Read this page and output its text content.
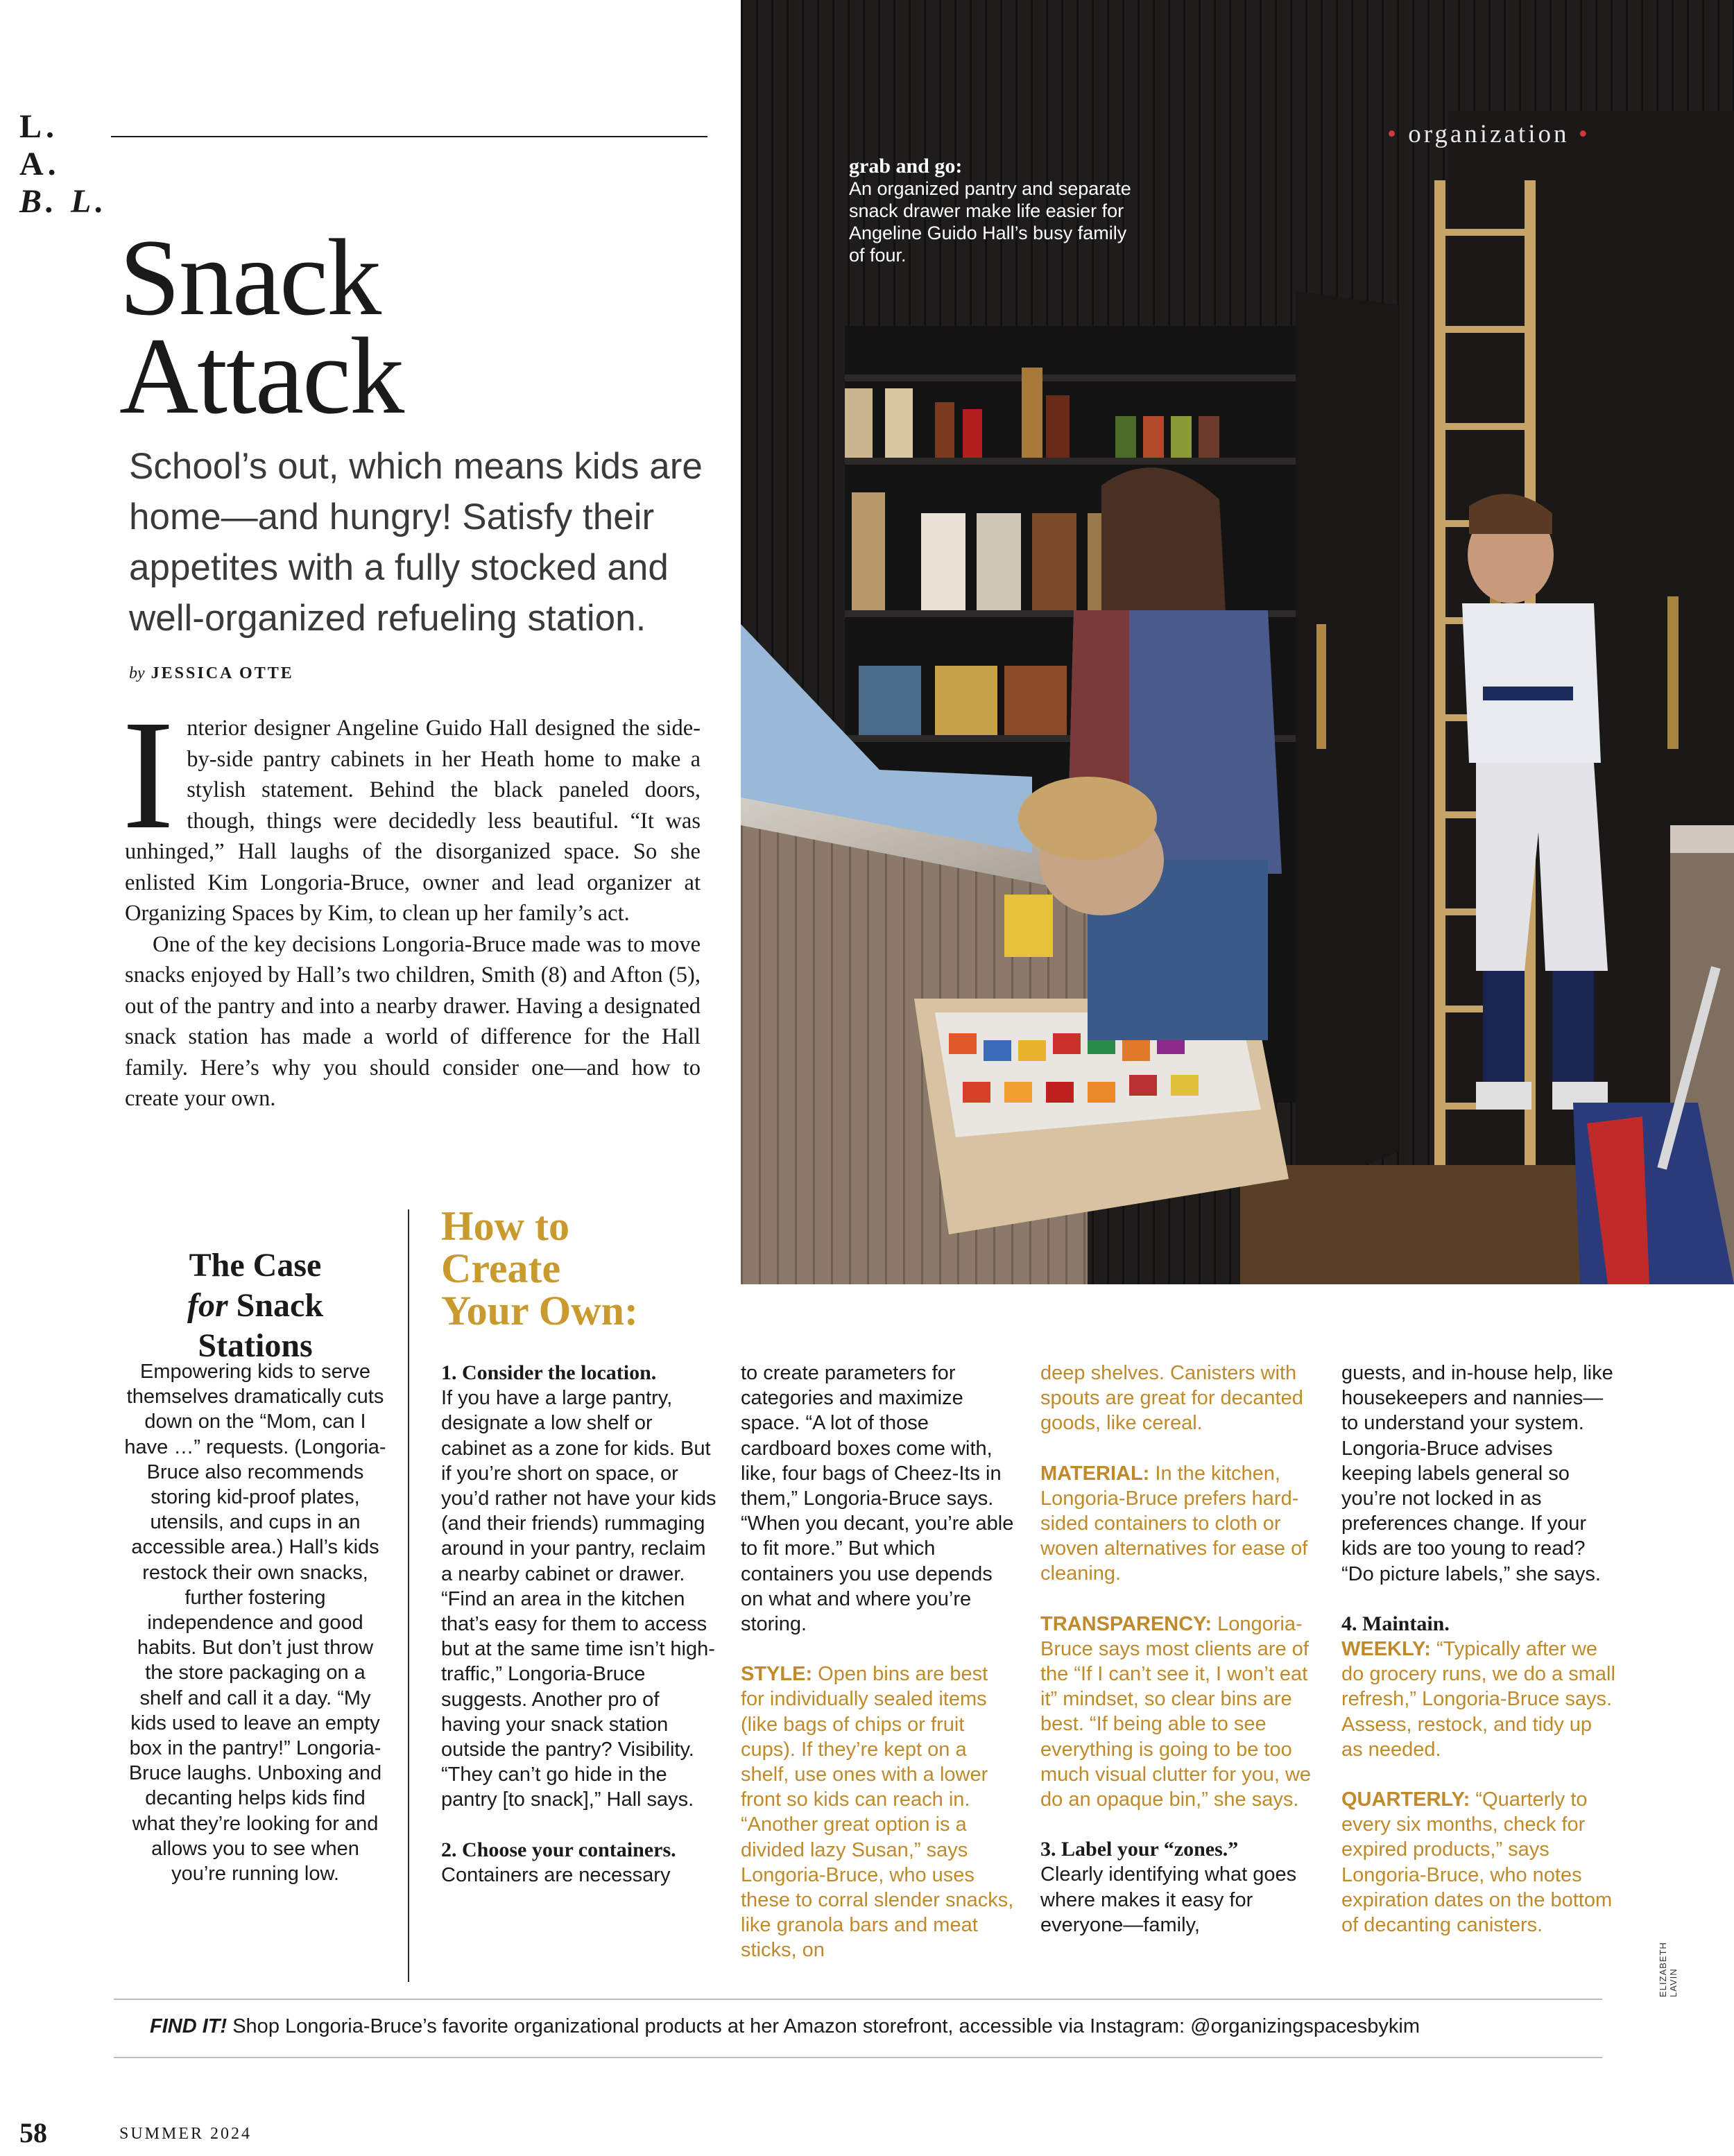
L. A.
B. L.
Snack
Attack
School’s out, which means kids are home—and hungry! Satisfy their appetites with a fully stocked and well-organized refueling station.
by JESSICA OTTE

Interior designer Angeline Guido Hall designed the side-by-side pantry cabinets in her Heath home to make a stylish statement. Behind the black paneled doors, though, things were decidedly less beautiful. “It was unhinged,” Hall laughs of the disorganized space. So she enlisted Kim Longoria-Bruce, owner and lead organizer at Organizing Spaces by Kim, to clean up her family’s act.

One of the key decisions Longoria-Bruce made was to move snacks enjoyed by Hall’s two children, Smith (8) and Afton (5), out of the pantry and into a nearby drawer. Having a designated snack station has made a world of difference for the Hall family. Here’s why you should consider one—and how to create your own.

grab and go:
An organized pantry and separate snack drawer make life easier for Angeline Guido Hall’s busy family of four.
• organization •
The Case
for Snack
Stations
Empowering kids to serve themselves dramatically cuts down on the “Mom, can I have …” requests. (Longoria-Bruce also recommends storing kid-proof plates, utensils, and cups in an accessible area.) Hall’s kids restock their own snacks, further fostering independence and good habits. But don’t just throw the store packaging on a shelf and call it a day. “My kids used to leave an empty box in the pantry!” Longoria-Bruce laughs. Unboxing and decanting helps kids find what they’re looking for and allows you to see when you’re running low.
How to
Create
Your Own:
1. Consider the location.

If you have a large pantry, designate a low shelf or cabinet as a zone for kids. But if you’re short on space, or you’d rather not have your kids (and their friends) rummaging around in your pantry, reclaim a nearby cabinet or drawer. “Find an area in the kitchen that’s easy for them to access but at the same time isn’t high-traffic,” Longoria-Bruce suggests. Another pro of having your snack station outside the pantry? Visibility. “They can’t go hide in the pantry [to snack],” Hall says.

2. Choose your containers.

Containers are necessary

to create parameters for categories and maximize space. “A lot of those cardboard boxes come with, like, four bags of Cheez-Its in them,” Longoria-Bruce says. “When you decant, you’re able to fit more.” But which containers you use depends on what and where you’re storing.

STYLE: Open bins are best for individually sealed items (like bags of chips or fruit cups). If they’re kept on a shelf, use ones with a lower front so kids can reach in. “Another great option is a divided lazy Susan,” says Longoria-Bruce, who uses these to corral slender snacks, like granola bars and meat sticks, on

deep shelves. Canisters with spouts are great for decanted goods, like cereal.

MATERIAL: In the kitchen, Longoria-Bruce prefers hard-sided containers to cloth or woven alternatives for ease of cleaning.

TRANSPARENCY: Longoria-Bruce says most clients are of the “If I can’t see it, I won’t eat it” mindset, so clear bins are best. “If being able to see everything is going to be too much visual clutter for you, we do an opaque bin,” she says.

3. Label your “zones.”

Clearly identifying what goes where makes it easy for everyone—family,

guests, and in-house help, like housekeepers and nannies—to understand your system. Longoria-Bruce advises keeping labels general so you’re not locked in as preferences change. If your kids are too young to read? “Do picture labels,” she says.

4. Maintain.

WEEKLY: “Typically after we do grocery runs, we do a small refresh,” Longoria-Bruce says. Assess, restock, and tidy up as needed.

QUARTERLY: “Quarterly to every six months, check for expired products,” says Longoria-Bruce, who notes expiration dates on the bottom of decanting canisters.

FIND IT! Shop Longoria-Bruce’s favorite organizational products at her Amazon storefront, accessible via Instagram: @organizingspacesbykim
ELIZABETH LAVIN
58	SUMMER 2024
